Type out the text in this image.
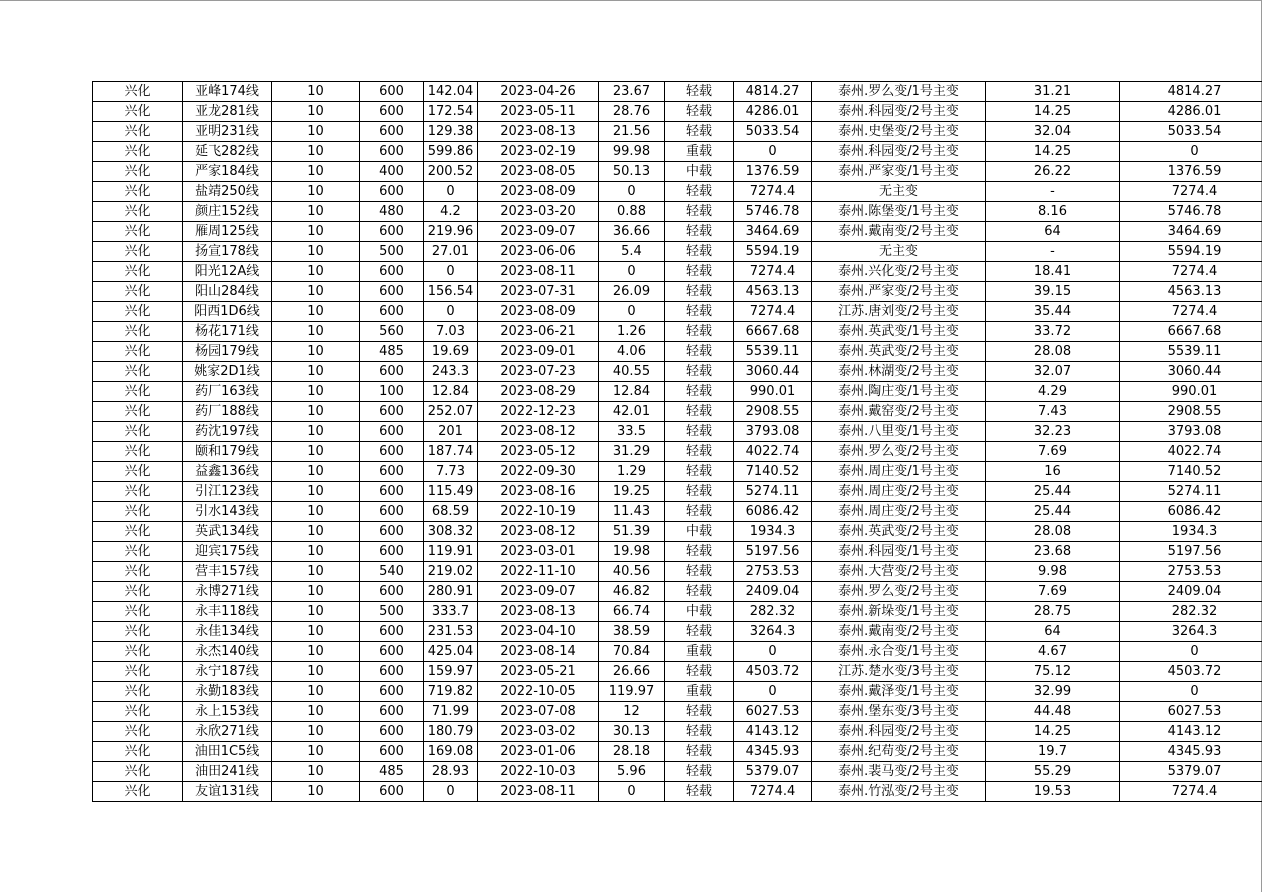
兴化	亚峰174线	10	600	142.04	2023-04-26	23.67	轻载	4814.27	泰州.罗么变/1号主变	31.21	4814.27
兴化	亚龙281线	10	600	172.54	2023-05-11	28.76	轻载	4286.01	泰州.科园变/2号主变	14.25	4286.01
兴化	亚明231线	10	600	129.38	2023-08-13	21.56	轻载	5033.54	泰州.史堡变/2号主变	32.04	5033.54
兴化	延飞282线	10	600	599.86	2023-02-19	99.98	重载	0	泰州.科园变/2号主变	14.25	0
兴化	严家184线	10	400	200.52	2023-08-05	50.13	中载	1376.59	泰州.严家变/1号主变	26.22	1376.59
兴化	盐靖250线	10	600	0	2023-08-09	0	轻载	7274.4	无主变	-	7274.4
兴化	颜庄152线	10	480	4.2	2023-03-20	0.88	轻载	5746.78	泰州.陈堡变/1号主变	8.16	5746.78
兴化	雁周125线	10	600	219.96	2023-09-07	36.66	轻载	3464.69	泰州.戴南变/2号主变	64	3464.69
兴化	扬宣178线	10	500	27.01	2023-06-06	5.4	轻载	5594.19	无主变	-	5594.19
兴化	阳光12A线	10	600	0	2023-08-11	0	轻载	7274.4	泰州.兴化变/2号主变	18.41	7274.4
兴化	阳山284线	10	600	156.54	2023-07-31	26.09	轻载	4563.13	泰州.严家变/2号主变	39.15	4563.13
兴化	阳西1D6线	10	600	0	2023-08-09	0	轻载	7274.4	江苏.唐刘变/2号主变	35.44	7274.4
兴化	杨花171线	10	560	7.03	2023-06-21	1.26	轻载	6667.68	泰州.英武变/1号主变	33.72	6667.68
兴化	杨园179线	10	485	19.69	2023-09-01	4.06	轻载	5539.11	泰州.英武变/2号主变	28.08	5539.11
兴化	姚家2D1线	10	600	243.3	2023-07-23	40.55	轻载	3060.44	泰州.林湖变/2号主变	32.07	3060.44
兴化	药厂163线	10	100	12.84	2023-08-29	12.84	轻载	990.01	泰州.陶庄变/1号主变	4.29	990.01
兴化	药厂188线	10	600	252.07	2022-12-23	42.01	轻载	2908.55	泰州.戴窑变/2号主变	7.43	2908.55
兴化	药沈197线	10	600	201	2023-08-12	33.5	轻载	3793.08	泰州.八里变/1号主变	32.23	3793.08
兴化	颐和179线	10	600	187.74	2023-05-12	31.29	轻载	4022.74	泰州.罗么变/2号主变	7.69	4022.74
兴化	益鑫136线	10	600	7.73	2022-09-30	1.29	轻载	7140.52	泰州.周庄变/1号主变	16	7140.52
兴化	引江123线	10	600	115.49	2023-08-16	19.25	轻载	5274.11	泰州.周庄变/2号主变	25.44	5274.11
兴化	引水143线	10	600	68.59	2022-10-19	11.43	轻载	6086.42	泰州.周庄变/2号主变	25.44	6086.42
兴化	英武134线	10	600	308.32	2023-08-12	51.39	中载	1934.3	泰州.英武变/2号主变	28.08	1934.3
兴化	迎宾175线	10	600	119.91	2023-03-01	19.98	轻载	5197.56	泰州.科园变/1号主变	23.68	5197.56
兴化	营丰157线	10	540	219.02	2022-11-10	40.56	轻载	2753.53	泰州.大营变/2号主变	9.98	2753.53
兴化	永博271线	10	600	280.91	2023-09-07	46.82	轻载	2409.04	泰州.罗么变/2号主变	7.69	2409.04
兴化	永丰118线	10	500	333.7	2023-08-13	66.74	中载	282.32	泰州.新垛变/1号主变	28.75	282.32
兴化	永佳134线	10	600	231.53	2023-04-10	38.59	轻载	3264.3	泰州.戴南变/2号主变	64	3264.3
兴化	永杰140线	10	600	425.04	2023-08-14	70.84	重载	0	泰州.永合变/1号主变	4.67	0
兴化	永宁187线	10	600	159.97	2023-05-21	26.66	轻载	4503.72	江苏.楚水变/3号主变	75.12	4503.72
兴化	永勤183线	10	600	719.82	2022-10-05	119.97	重载	0	泰州.戴泽变/1号主变	32.99	0
兴化	永上153线	10	600	71.99	2023-07-08	12	轻载	6027.53	泰州.堡东变/3号主变	44.48	6027.53
兴化	永欣271线	10	600	180.79	2023-03-02	30.13	轻载	4143.12	泰州.科园变/2号主变	14.25	4143.12
兴化	油田1C5线	10	600	169.08	2023-01-06	28.18	轻载	4345.93	泰州.纪苟变/2号主变	19.7	4345.93
兴化	油田241线	10	485	28.93	2022-10-03	5.96	轻载	5379.07	泰州.裴马变/2号主变	55.29	5379.07
兴化	友谊131线	10	600	0	2023-08-11	0	轻载	7274.4	泰州.竹泓变/2号主变	19.53	7274.4
